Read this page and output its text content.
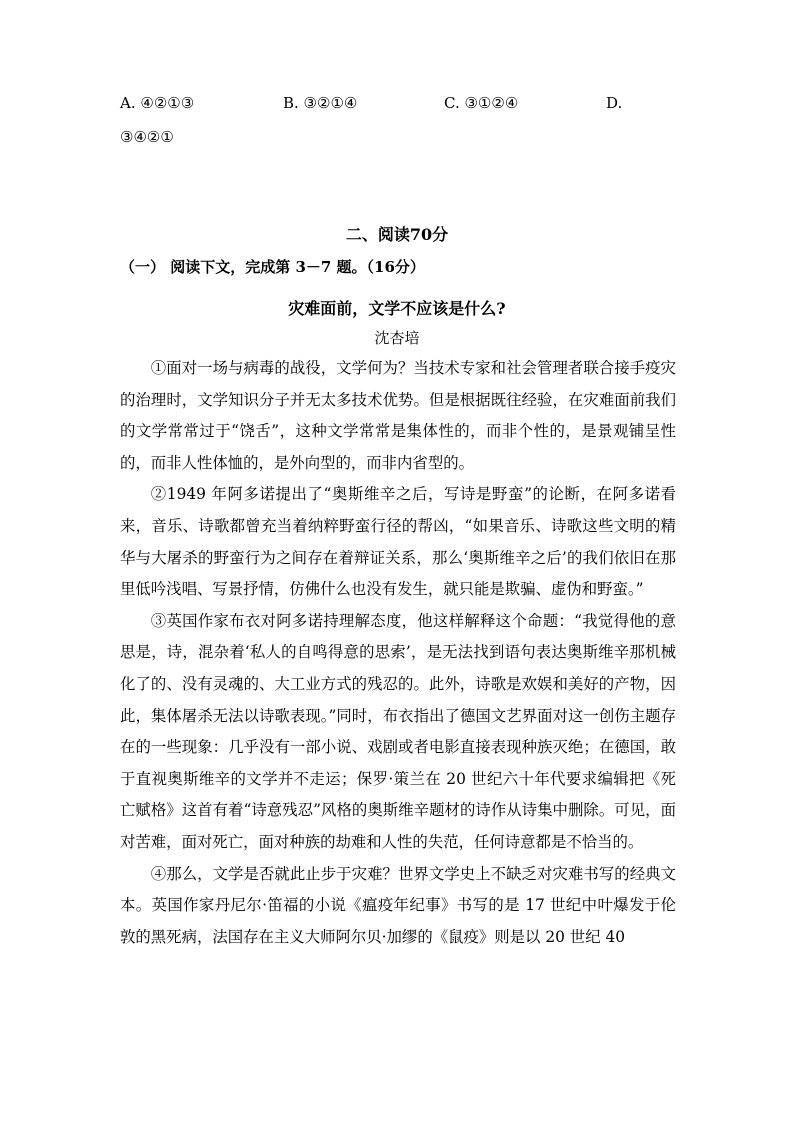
A. ④②①③	B. ③②①④	C. ③①②④	D.
③④②①
二、阅读70分
（一） 阅读下文，完成第 3－7 题。（16分）
灾难面前，文学不应该是什么?
沈杏培

①面对一场与病毒的战役，文学何为？当技术专家和社会管理者联合接手疫灾的治理时，文学知识分子并无太多技术优势。但是根据既往经验，在灾难面前我们的文学常常过于“饶舌”，这种文学常常是集体性的，而非个性的，是景观铺呈性的，而非人性体恤的，是外向型的，而非内省型的。

②1949 年阿多诺提出了“奥斯维辛之后，写诗是野蛮”的论断，在阿多诺看来，音乐、诗歌都曾充当着纳粹野蛮行径的帮凶，“如果音乐、诗歌这些文明的精华与大屠杀的野蛮行为之间存在着辩证关系，那么‘奥斯维辛之后’的我们依旧在那里低吟浅唱、写景抒情，仿佛什么也没有发生，就只能是欺骗、虚伪和野蛮。”

③英国作家布衣对阿多诺持理解态度，他这样解释这个命题：“我觉得他的意思是，诗，混杂着‘私人的自鸣得意的思索’，是无法找到语句表达奥斯维辛那机械化了的、没有灵魂的、大工业方式的残忍的。此外，诗歌是欢娱和美好的产物，因此，集体屠杀无法以诗歌表现。”同时，布衣指出了德国文艺界面对这一创伤主题存在的一些现象：几乎没有一部小说、戏剧或者电影直接表现种族灭绝；在德国，敢于直视奥斯维辛的文学并不走运；保罗·策兰在 20 世纪六十年代要求编辑把《死亡赋格》这首有着“诗意残忍”风格的奥斯维辛题材的诗作从诗集中删除。可见，面对苦难，面对死亡，面对种族的劫难和人性的失范，任何诗意都是不恰当的。

④那么，文学是否就此止步于灾难？世界文学史上不缺乏对灾难书写的经典文本。英国作家丹尼尔·笛福的小说《瘟疫年纪事》书写的是 17 世纪中叶爆发于伦敦的黑死病，法国存在主义大师阿尔贝·加缪的《鼠疫》则是以 20 世纪 40
